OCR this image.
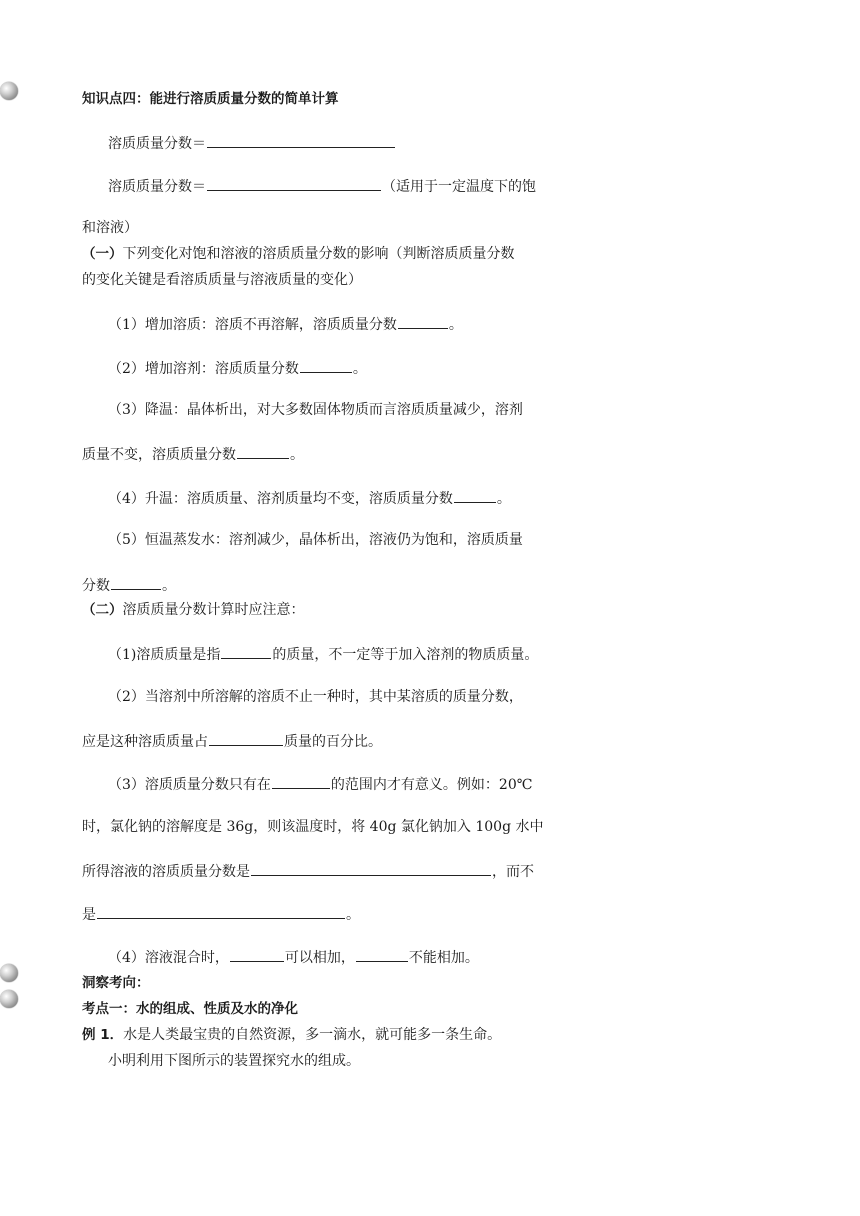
知识点四：能进行溶质质量分数的简单计算
溶质质量分数＝
溶质质量分数＝	（适用于一定温度下的饱
和溶液）
（一）下列变化对饱和溶液的溶质质量分数的影响（判断溶质质量分数
的变化关键是看溶质质量与溶液质量的变化）
（1）增加溶质：溶质不再溶解，溶质质量分数	。
（2）增加溶剂：溶质质量分数	。
（3）降温：晶体析出，对大多数固体物质而言溶质质量减少，溶剂
质量不变，溶质质量分数	。
（4）升温：溶质质量、溶剂质量均不变，溶质质量分数	。
（5）恒温蒸发水：溶剂减少，晶体析出，溶液仍为饱和，溶质质量
分数	。
（二）溶质质量分数计算时应注意：
（1)溶质质量是指	的质量，不一定等于加入溶剂的物质质量。
（2）当溶剂中所溶解的溶质不止一种时，其中某溶质的质量分数，
应是这种溶质质量占	质量的百分比。
（3）溶质质量分数只有在	的范围内才有意义。例如：20℃
时，氯化钠的溶解度是 36g，则该温度时，将 40g 氯化钠加入 100g 水中
所得溶液的溶质质量分数是	，而不
是	。
（4）溶液混合时，	可以相加，	不能相加。
洞察考向：
考点一：水的组成、性质及水的净化
例 1．水是人类最宝贵的自然资源，多一滴水，就可能多一条生命。
小明利用下图所示的装置探究水的组成。
